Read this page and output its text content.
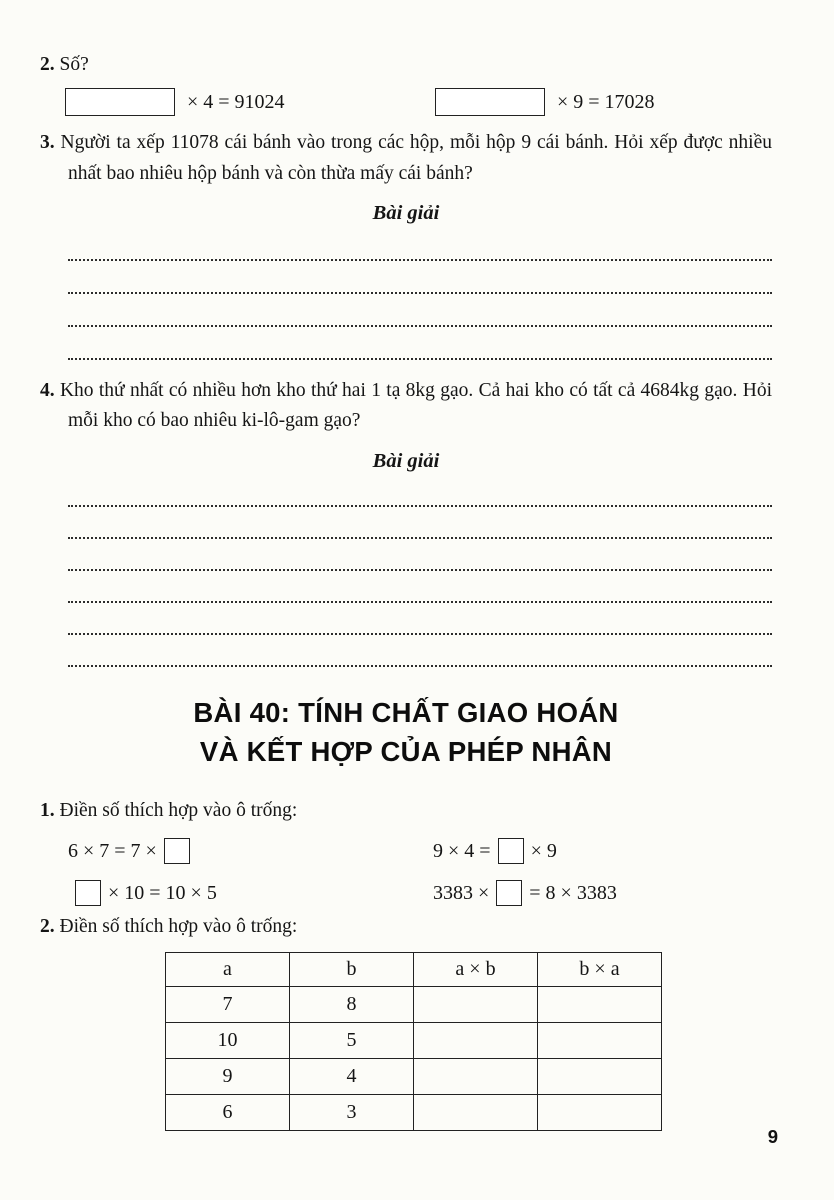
2. Số?

× 4 = 91024	× 9 = 17028

3. Người ta xếp 11078 cái bánh vào trong các hộp, mỗi hộp 9 cái bánh. Hỏi xếp được nhiều nhất bao nhiêu hộp bánh và còn thừa mấy cái bánh?

Bài giải

4. Kho thứ nhất có nhiều hơn kho thứ hai 1 tạ 8kg gạo. Cả hai kho có tất cả 4684kg gạo. Hỏi mỗi kho có bao nhiêu ki-lô-gam gạo?

Bài giải

BÀI 40: TÍNH CHẤT GIAO HOÁN
VÀ KẾT HỢP CỦA PHÉP NHÂN

1. Điền số thích hợp vào ô trống:

6 × 7 = 7 ×	9 × 4 = × 9
× 10 = 10 × 5	3383 × = 8 × 3383

2. Điền số thích hợp vào ô trống:

a	b	a × b	b × a
7	8		
10	5		
9	4		
6	3		
9
